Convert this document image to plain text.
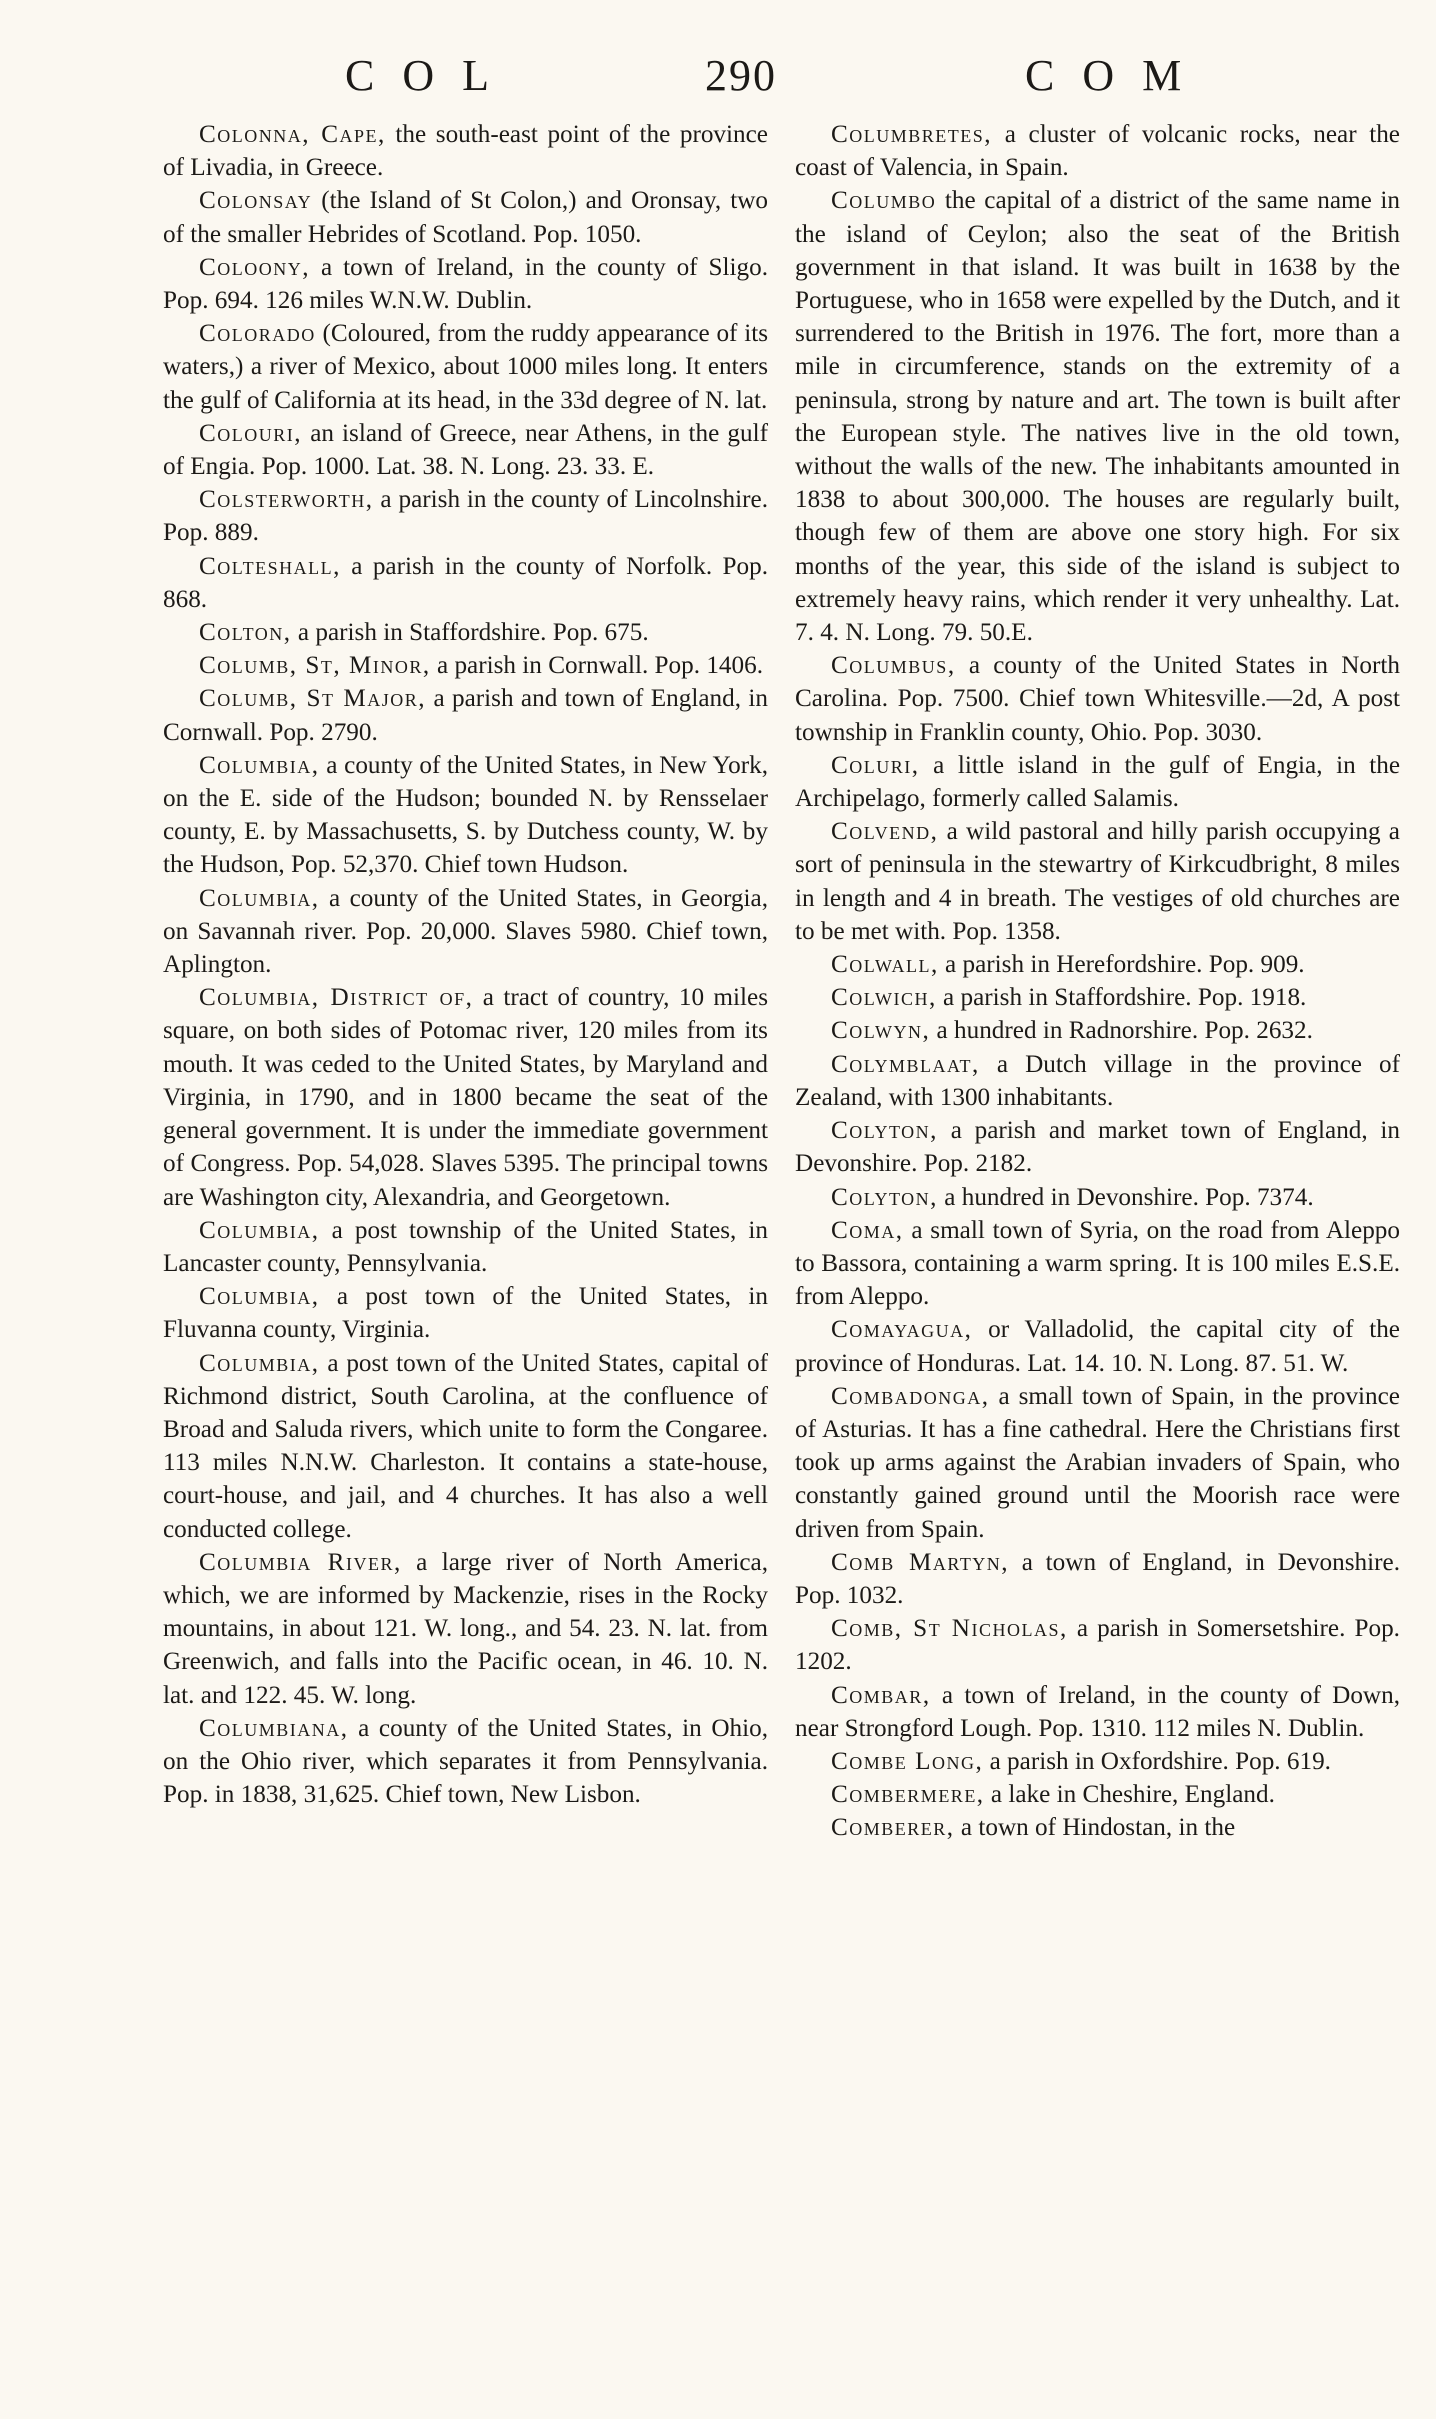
COL	290	COM

Colonna, Cape, the south-east point of the province of Livadia, in Greece.

Colonsay (the Island of St Colon,) and Oronsay, two of the smaller Hebrides of Scotland. Pop. 1050.

Coloony, a town of Ireland, in the county of Sligo. Pop. 694. 126 miles W.N.W. Dublin.

Colorado (Coloured, from the ruddy appearance of its waters,) a river of Mexico, about 1000 miles long. It enters the gulf of California at its head, in the 33d degree of N. lat.

Colouri, an island of Greece, near Athens, in the gulf of Engia. Pop. 1000. Lat. 38. N. Long. 23. 33. E.

Colsterworth, a parish in the county of Lincolnshire. Pop. 889.

Colteshall, a parish in the county of Norfolk. Pop. 868.

Colton, a parish in Staffordshire. Pop. 675.

Columb, St, Minor, a parish in Cornwall. Pop. 1406.

Columb, St Major, a parish and town of England, in Cornwall. Pop. 2790.

Columbia, a county of the United States, in New York, on the E. side of the Hudson; bounded N. by Rensselaer county, E. by Massachusetts, S. by Dutchess county, W. by the Hudson, Pop. 52,370. Chief town Hudson.

Columbia, a county of the United States, in Georgia, on Savannah river. Pop. 20,000. Slaves 5980. Chief town, Aplington.

Columbia, District of, a tract of country, 10 miles square, on both sides of Potomac river, 120 miles from its mouth. It was ceded to the United States, by Maryland and Virginia, in 1790, and in 1800 became the seat of the general government. It is under the immediate government of Congress. Pop. 54,028. Slaves 5395. The principal towns are Washington city, Alexandria, and Georgetown.

Columbia, a post township of the United States, in Lancaster county, Pennsylvania.

Columbia, a post town of the United States, in Fluvanna county, Virginia.

Columbia, a post town of the United States, capital of Richmond district, South Carolina, at the confluence of Broad and Saluda rivers, which unite to form the Congaree. 113 miles N.N.W. Charleston. It contains a state-house, court-house, and jail, and 4 churches. It has also a well conducted college.

Columbia River, a large river of North America, which, we are informed by Mackenzie, rises in the Rocky mountains, in about 121. W. long., and 54. 23. N. lat. from Greenwich, and falls into the Pacific ocean, in 46. 10. N. lat. and 122. 45. W. long.

Columbiana, a county of the United States, in Ohio, on the Ohio river, which separates it from Pennsylvania. Pop. in 1838, 31,625. Chief town, New Lisbon.

Columbretes, a cluster of volcanic rocks, near the coast of Valencia, in Spain.

Columbo the capital of a district of the same name in the island of Ceylon; also the seat of the British government in that island. It was built in 1638 by the Portuguese, who in 1658 were expelled by the Dutch, and it surrendered to the British in 1976. The fort, more than a mile in circumference, stands on the extremity of a peninsula, strong by nature and art. The town is built after the European style. The natives live in the old town, without the walls of the new. The inhabitants amounted in 1838 to about 300,000. The houses are regularly built, though few of them are above one story high. For six months of the year, this side of the island is subject to extremely heavy rains, which render it very unhealthy. Lat. 7. 4. N. Long. 79. 50.E.

Columbus, a county of the United States in North Carolina. Pop. 7500. Chief town Whitesville.—2d, A post township in Franklin county, Ohio. Pop. 3030.

Coluri, a little island in the gulf of Engia, in the Archipelago, formerly called Salamis.

Colvend, a wild pastoral and hilly parish occupying a sort of peninsula in the stewartry of Kirkcudbright, 8 miles in length and 4 in breath. The vestiges of old churches are to be met with. Pop. 1358.

Colwall, a parish in Herefordshire. Pop. 909.

Colwich, a parish in Staffordshire. Pop. 1918.

Colwyn, a hundred in Radnorshire. Pop. 2632.

Colymblaat, a Dutch village in the province of Zealand, with 1300 inhabitants.

Colyton, a parish and market town of England, in Devonshire. Pop. 2182.

Colyton, a hundred in Devonshire. Pop. 7374.

Coma, a small town of Syria, on the road from Aleppo to Bassora, containing a warm spring. It is 100 miles E.S.E. from Aleppo.

Comayagua, or Valladolid, the capital city of the province of Honduras. Lat. 14. 10. N. Long. 87. 51. W.

Combadonga, a small town of Spain, in the province of Asturias. It has a fine cathedral. Here the Christians first took up arms against the Arabian invaders of Spain, who constantly gained ground until the Moorish race were driven from Spain.

Comb Martyn, a town of England, in Devonshire. Pop. 1032.

Comb, St Nicholas, a parish in Somersetshire. Pop. 1202.

Combar, a town of Ireland, in the county of Down, near Strongford Lough. Pop. 1310. 112 miles N. Dublin.

Combe Long, a parish in Oxfordshire. Pop. 619.

Combermere, a lake in Cheshire, England.

Comberer, a town of Hindostan, in the
